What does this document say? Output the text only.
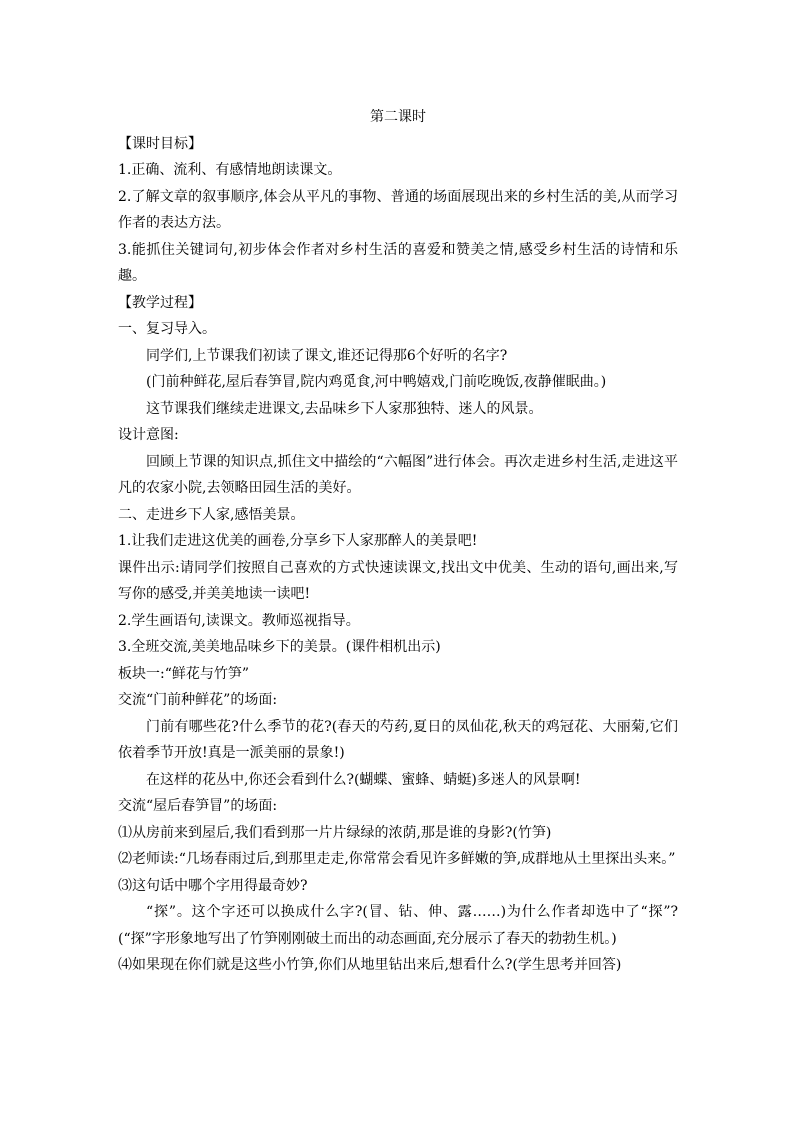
第二课时

【课时目标】

1.正确、流利、有感情地朗读课文。

2.了解文章的叙事顺序,体会从平凡的事物、普通的场面展现出来的乡村生活的美,从而学习作者的表达方法。

3.能抓住关键词句,初步体会作者对乡村生活的喜爱和赞美之情,感受乡村生活的诗情和乐趣。

【教学过程】

一、复习导入。

同学们,上节课我们初读了课文,谁还记得那6个好听的名字?

(门前种鲜花,屋后春笋冒,院内鸡觅食,河中鸭嬉戏,门前吃晚饭,夜静催眠曲。)

这节课我们继续走进课文,去品味乡下人家那独特、迷人的风景。

设计意图:

回顾上节课的知识点,抓住文中描绘的“六幅图”进行体会。再次走进乡村生活,走进这平凡的农家小院,去领略田园生活的美好。

二、走进乡下人家,感悟美景。

1.让我们走进这优美的画卷,分享乡下人家那醉人的美景吧!

课件出示:请同学们按照自己喜欢的方式快速读课文,找出文中优美、生动的语句,画出来,写写你的感受,并美美地读一读吧!

2.学生画语句,读课文。教师巡视指导。

3.全班交流,美美地品味乡下的美景。(课件相机出示)

板块一:“鲜花与竹笋”

交流“门前种鲜花”的场面:

门前有哪些花?什么季节的花?(春天的芍药,夏日的凤仙花,秋天的鸡冠花、大丽菊,它们依着季节开放!真是一派美丽的景象!)

在这样的花丛中,你还会看到什么?(蝴蝶、蜜蜂、蜻蜓)多迷人的风景啊!

交流“屋后春笋冒”的场面:

⑴从房前来到屋后,我们看到那一片片绿绿的浓荫,那是谁的身影?(竹笋)

⑵老师读:“几场春雨过后,到那里走走,你常常会看见许多鲜嫩的笋,成群地从土里探出头来。”

⑶这句话中哪个字用得最奇妙?

“探”。这个字还可以换成什么字?(冒、钻、伸、露……)为什么作者却选中了“探”?(“探”字形象地写出了竹笋刚刚破土而出的动态画面,充分展示了春天的勃勃生机。)

⑷如果现在你们就是这些小竹笋,你们从地里钻出来后,想看什么?(学生思考并回答)
